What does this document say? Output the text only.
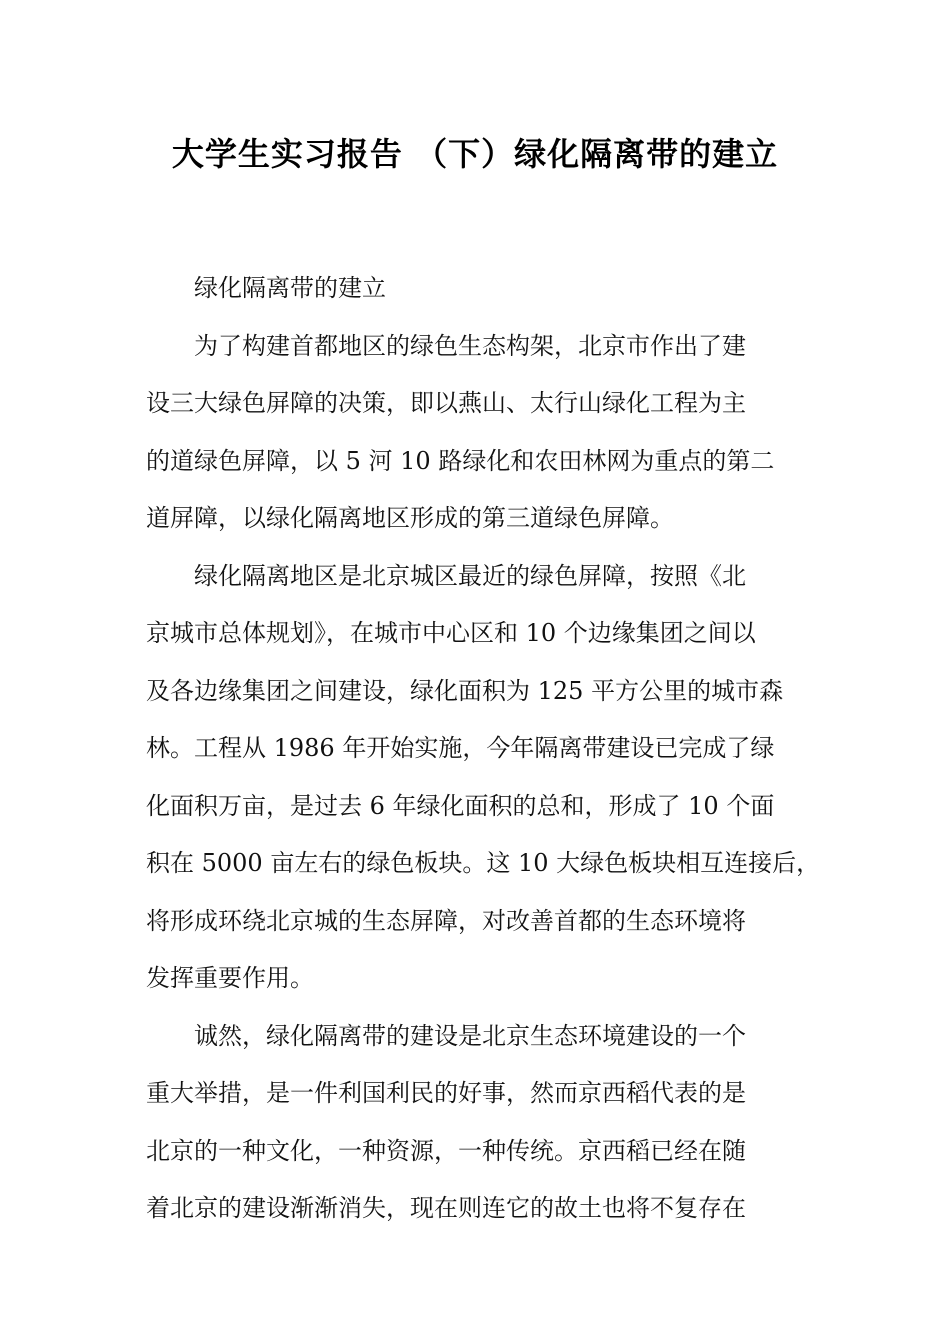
大学生实习报告 （下）绿化隔离带的建立

绿化隔离带的建立

为了构建首都地区的绿色生态构架，北京市作出了建
设三大绿色屏障的决策，即以燕山、太行山绿化工程为主
的道绿色屏障，以 5 河 10 路绿化和农田林网为重点的第二
道屏障，以绿化隔离地区形成的第三道绿色屏障。

绿化隔离地区是北京城区最近的绿色屏障，按照《北
京城市总体规划》，在城市中心区和 10 个边缘集团之间以
及各边缘集团之间建设，绿化面积为 125 平方公里的城市森
林。工程从 1986 年开始实施，今年隔离带建设已完成了绿
化面积万亩，是过去 6 年绿化面积的总和，形成了 10 个面
积在 5000 亩左右的绿色板块。这 10 大绿色板块相互连接后，
将形成环绕北京城的生态屏障，对改善首都的生态环境将
发挥重要作用。

诚然，绿化隔离带的建设是北京生态环境建设的一个
重大举措，是一件利国利民的好事，然而京西稻代表的是
北京的一种文化，一种资源，一种传统。京西稻已经在随
着北京的建设渐渐消失，现在则连它的故土也将不复存在
